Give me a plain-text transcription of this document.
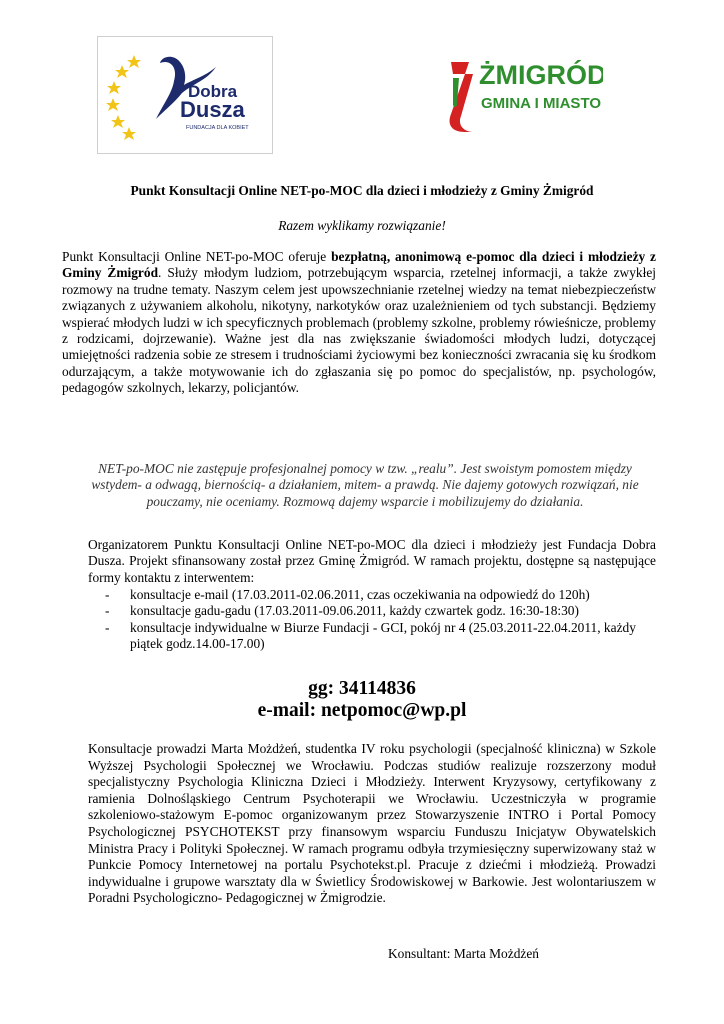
Dobra
Dusza
FUNDACJA DLA KOBIET
ŻMIGRÓD
GMINA I MIASTO
Punkt Konsultacji Online NET-po-MOC dla dzieci i młodzieży z Gminy Żmigród
Razem wyklikamy rozwiązanie!
Punkt Konsultacji Online NET-po-MOC oferuje bezpłatną, anonimową e-pomoc dla dzieci i młodzieży z Gminy Żmigród. Służy młodym ludziom, potrzebującym wsparcia, rzetelnej informacji, a także zwykłej rozmowy na trudne tematy. Naszym celem jest upowszechnianie rzetelnej wiedzy na temat niebezpieczeństw związanych z używaniem alkoholu, nikotyny, narkotyków oraz uzależnieniem od tych substancji. Będziemy wspierać młodych ludzi w ich specyficznych problemach (problemy szkolne, problemy rówieśnicze, problemy z rodzicami, dojrzewanie). Ważne jest dla nas zwiększanie świadomości młodych ludzi, dotyczącej umiejętności radzenia sobie ze stresem i trudnościami życiowymi bez konieczności zwracania się ku środkom odurzającym, a także motywowanie ich do zgłaszania się po pomoc do specjalistów, np. psychologów, pedagogów szkolnych, lekarzy, policjantów.
NET-po-MOC nie zastępuje profesjonalnej pomocy w tzw. „realu”. Jest swoistym pomostem między wstydem- a odwagą, biernością- a działaniem, mitem- a prawdą. Nie dajemy gotowych rozwiązań, nie pouczamy, nie oceniamy. Rozmową dajemy wsparcie i mobilizujemy do działania.
Organizatorem Punktu Konsultacji Online NET-po-MOC dla dzieci i młodzieży jest Fundacja Dobra Dusza. Projekt sfinansowany został przez Gminę Żmigród. W ramach projektu, dostępne są następujące formy kontaktu z interwentem:
- konsultacje e-mail (17.03.2011-02.06.2011, czas oczekiwania na odpowiedź do 120h)
- konsultacje gadu-gadu (17.03.2011-09.06.2011, każdy czwartek godz. 16:30-18:30)
- konsultacje indywidualne w Biurze Fundacji - GCI, pokój nr 4 (25.03.2011-22.04.2011, każdy piątek godz.14.00-17.00)
gg: 34114836
e-mail: netpomoc@wp.pl
Konsultacje prowadzi Marta Możdżeń, studentka IV roku psychologii (specjalność kliniczna) w Szkole Wyższej Psychologii Społecznej we Wrocławiu. Podczas studiów realizuje rozszerzony moduł specjalistyczny Psychologia Kliniczna Dzieci i Młodzieży. Interwent Kryzysowy, certyfikowany z ramienia Dolnośląskiego Centrum Psychoterapii we Wrocławiu. Uczestniczyła w programie szkoleniowo-stażowym E-pomoc organizowanym przez Stowarzyszenie INTRO i Portal Pomocy Psychologicznej PSYCHOTEKST przy finansowym wsparciu Funduszu Inicjatyw Obywatelskich Ministra Pracy i Polityki Społecznej. W ramach programu odbyła trzymiesięczny superwizowany staż w Punkcie Pomocy Internetowej na portalu Psychotekst.pl. Pracuje z dziećmi i młodzieżą. Prowadzi indywidualne i grupowe warsztaty dla w Świetlicy Środowiskowej w Barkowie. Jest wolontariuszem w Poradni Psychologiczno- Pedagogicznej w Żmigrodzie.
Konsultant: Marta Możdżeń
